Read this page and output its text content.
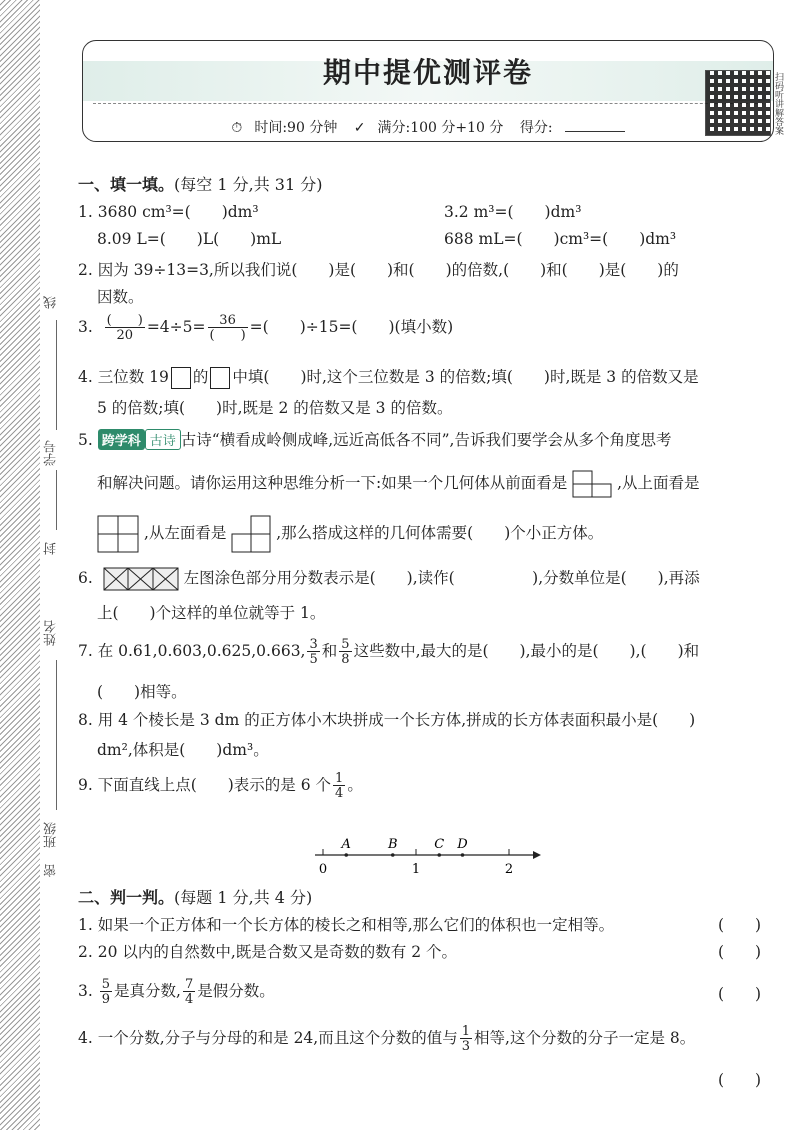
线
学号
封
姓名
班级
密
期中提优测评卷
⏱ 时间:90 分钟 ✓ 满分:100 分+10 分 得分:	扫码听讲解答案
一、填一填。(每空 1 分,共 31 分)
1. 3680 cm³=(　　)dm³	3.2 m³=(　　)dm³
8.09 L=(　　)L(　　)mL	688 mL=(　　)cm³=(　　)dm³
2. 因为 39÷13=3,所以我们说(　　)是(　　)和(　　)的倍数,(　　)和(　　)是(　　)的
因数。
3. $\frac{( )}{20} =4\div 5= \frac{36}{( )}$ =(　　)÷15=(　　)(填小数)
4. 三位数 19 的 中填(　　)时,这个三位数是 3 的倍数;填(　　)时,既是 3 的倍数又是
5 的倍数;填(　　)时,既是 2 的倍数又是 3 的倍数。
5. 跨学科 古诗 古诗“横看成岭侧成峰,远近高低各不同”,告诉我们要学会从多个角度思考
和解决问题。请你运用这种思维分析一下:如果一个几何体从前面看是	,从上面看是
,从左面看是	,那么搭成这样的几何体需要(　　)个小正方体。
6.	左图涂色部分用分数表示是(　　),读作(　　　　　),分数单位是(　　),再添
上(　　)个这样的单位就等于 1。
7. 在 0.61,0.603,0.625,0.663, $\frac{3}{5}$ 和 $\frac{5}{8}$ 这些数中,最大的是(　　),最小的是(　　),(　　)和
(　　)相等。
8. 用 4 个棱长是 3 dm 的正方体小木块拼成一个长方体,拼成的长方体表面积最小是(　　)
dm²,体积是(　　)dm³。
9. 下面直线上点(　　)表示的是 6 个 $\frac{1}{4}$ 。
0	1	2
A	B	C D
二、判一判。(每题 1 分,共 4 分)
1. 如果一个正方体和一个长方体的棱长之和相等,那么它们的体积也一定相等。	(　　)
2. 20 以内的自然数中,既是合数又是奇数的数有 2 个。	(　　)
3. $\frac{5}{9}$ 是真分数, $\frac{7}{4}$ 是假分数。	(　　)
4. 一个分数,分子与分母的和是 24,而且这个分数的值与 $\frac{1}{3}$ 相等,这个分数的分子一定是 8。
(　　)
